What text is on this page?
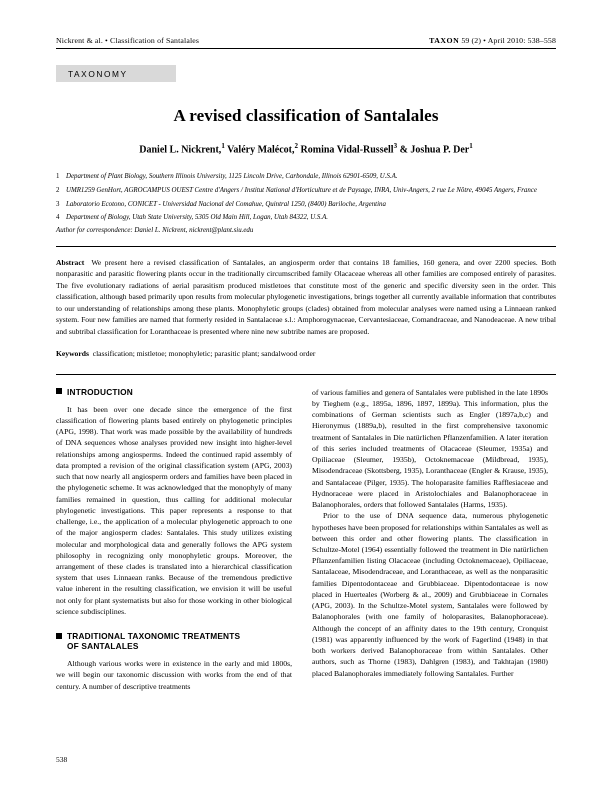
Nickrent & al. • Classification of Santalales	TAXON 59 (2) • April 2010: 538–558
TAXONOMY
A revised classification of Santalales
Daniel L. Nickrent,$^1$ Valéry Malécot,$^2$ Romina Vidal-Russell$^3$ & Joshua P. Der$^1$
1 Department of Plant Biology, Southern Illinois University, 1125 Lincoln Drive, Carbondale, Illinois 62901-6509, U.S.A.
2 UMR1259 GenHort, AGROCAMPUS OUEST Centre d'Angers / Institut National d'Horticulture et de Paysage, INRA, Univ-Angers, 2 rue Le Nôtre, 49045 Angers, France
3 Laboratorio Ecotono, CONICET - Universidad Nacional del Comahue, Quintral 1250, (8400) Bariloche, Argentina
4 Department of Biology, Utah State University, 5305 Old Main Hill, Logan, Utah 84322, U.S.A.
Author for correspondence: Daniel L. Nickrent, nickrent@plant.siu.edu
Abstract We present here a revised classification of Santalales, an angiosperm order that contains 18 families, 160 genera, and over 2200 species. Both nonparasitic and parasitic flowering plants occur in the traditionally circumscribed family Olacaceae whereas all other families are composed entirely of parasites. The five evolutionary radiations of aerial parasitism produced mistletoes that constitute most of the generic and specific diversity seen in the order. This classification, although based primarily upon results from molecular phylogenetic investigations, brings together all currently available information that contributes to our understanding of relationships among these plants. Monophyletic groups (clades) obtained from molecular analyses were named using a Linnaean ranked system. Four new families are named that formerly resided in Santalaceae s.l.: Amphorogynaceae, Cervantesiaceae, Comandraceae, and Nanodeaceae. A new tribal and subtribal classification for Loranthaceae is presented where nine new subtribe names are proposed.
Keywords classification; mistletoe; monophyletic; parasitic plant; sandalwood order
INTRODUCTION

It has been over one decade since the emergence of the first classification of flowering plants based entirely on phylogenetic principles (APG, 1998). That work was made possible by the availability of hundreds of DNA sequences whose analyses provided new insight into higher-level relationships among angiosperms. Indeed the continued rapid assembly of data prompted a revision of the original classification system (APG, 2003) such that now nearly all angiosperm orders and families have been placed in the phylogenetic scheme. It was acknowledged that the monophyly of many families remained in question, thus calling for additional molecular phylogenetic investigations. This paper represents a response to that challenge, i.e., the application of a molecular phylogenetic approach to one of the major angiosperm clades: Santalales. This study utilizes existing molecular and morphological data and generally follows the APG system philosophy in recognizing only monophyletic groups. Moreover, the arrangement of these clades is translated into a hierarchical classification system that uses Linnaean ranks. Because of the tremendous predictive value inherent in the resulting classification, we envision it will be useful not only for plant systematists but also for those working in other biological science subdisciplines.

TRADITIONAL TAXONOMIC TREATMENTS
OF SANTALALES

Although various works were in existence in the early and mid 1800s, we will begin our taxonomic discussion with works from the end of that century. A number of descriptive treatments

of various families and genera of Santalales were published in the late 1890s by Tieghem (e.g., 1895a, 1896, 1897, 1899a). This information, plus the combinations of German scientists such as Engler (1897a,b,c) and Hieronymus (1889a,b), resulted in the first comprehensive taxonomic treatment of Santalales in Die natürlichen Pflanzenfamilien. A later iteration of this series included treatments of Olacaceae (Sleumer, 1935a) and Opiliaceae (Sleumer, 1935b), Octoknemaceae (Mildbread, 1935), Misodendraceae (Skottsberg, 1935), Loranthaceae (Engler & Krause, 1935), and Santalaceae (Pilger, 1935). The holoparasite families Rafflesiaceae and Hydnoraceae were placed in Aristolochiales and Balanophoraceae in Balanophorales, orders that followed Santalales (Harms, 1935).

Prior to the use of DNA sequence data, numerous phylogenetic hypotheses have been proposed for relationships within Santalales as well as between this order and other flowering plants. The classification in Schultze-Motel (1964) essentially followed the treatment in Die natürlichen Pflanzenfamilien listing Olacaceae (including Octoknemaceae), Opiliaceae, Santalaceae, Misodendraceae, and Loranthaceae, as well as the nonparasitic families Dipentodontaceae and Grubbiaceae. Dipentodontaceae is now placed in Huerteales (Worberg & al., 2009) and Grubbiaceae in Cornales (APG, 2003). In the Schultze-Motel system, Santalales were followed by Balanophorales (with one family of holoparasites, Balanophoraceae). Although the concept of an affinity dates to the 19th century, Cronquist (1981) was apparently influenced by the work of Fagerlind (1948) in that both workers derived Balanophoraceae from within Santalales. Other authors, such as Thorne (1983), Dahlgren (1983), and Takhtajan (1980) placed Balanophorales immediately following Santalales. Further

538
